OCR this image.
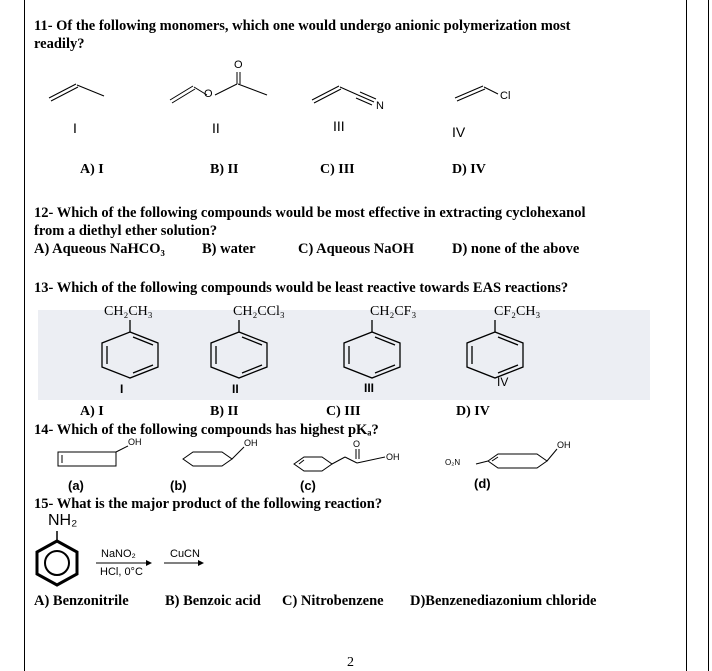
11- Of the following monomers, which one would undergo anionic polymerization most
readily?
O
O
N
Cl
I	II	III	IV
A) I	B) II	C) III	D) IV
12- Which of the following compounds would be most effective in extracting cyclohexanol
from a diethyl ether solution?
A) Aqueous NaHCO₃	B) water	C) Aqueous NaOH	D) none of the above
13- Which of the following compounds would be least reactive towards EAS reactions?
CH₂CH₃	CH₂CCl₃	CH₂CF₃	CF₂CH₃
I	II	III	IV
A) I	B) II	C) III	D) IV
14- Which of the following compounds has highest pKₐ?
OH	OH
OH
OH
O
O₂N
(a)	(b)	(c)	(d)
15- What is the major product of the following reaction?
NH₂
NaNO₂
HCl, 0°C
CuCN
A) Benzonitrile	B) Benzoic acid C) Nitrobenzene D)Benzenediazonium chloride
2
